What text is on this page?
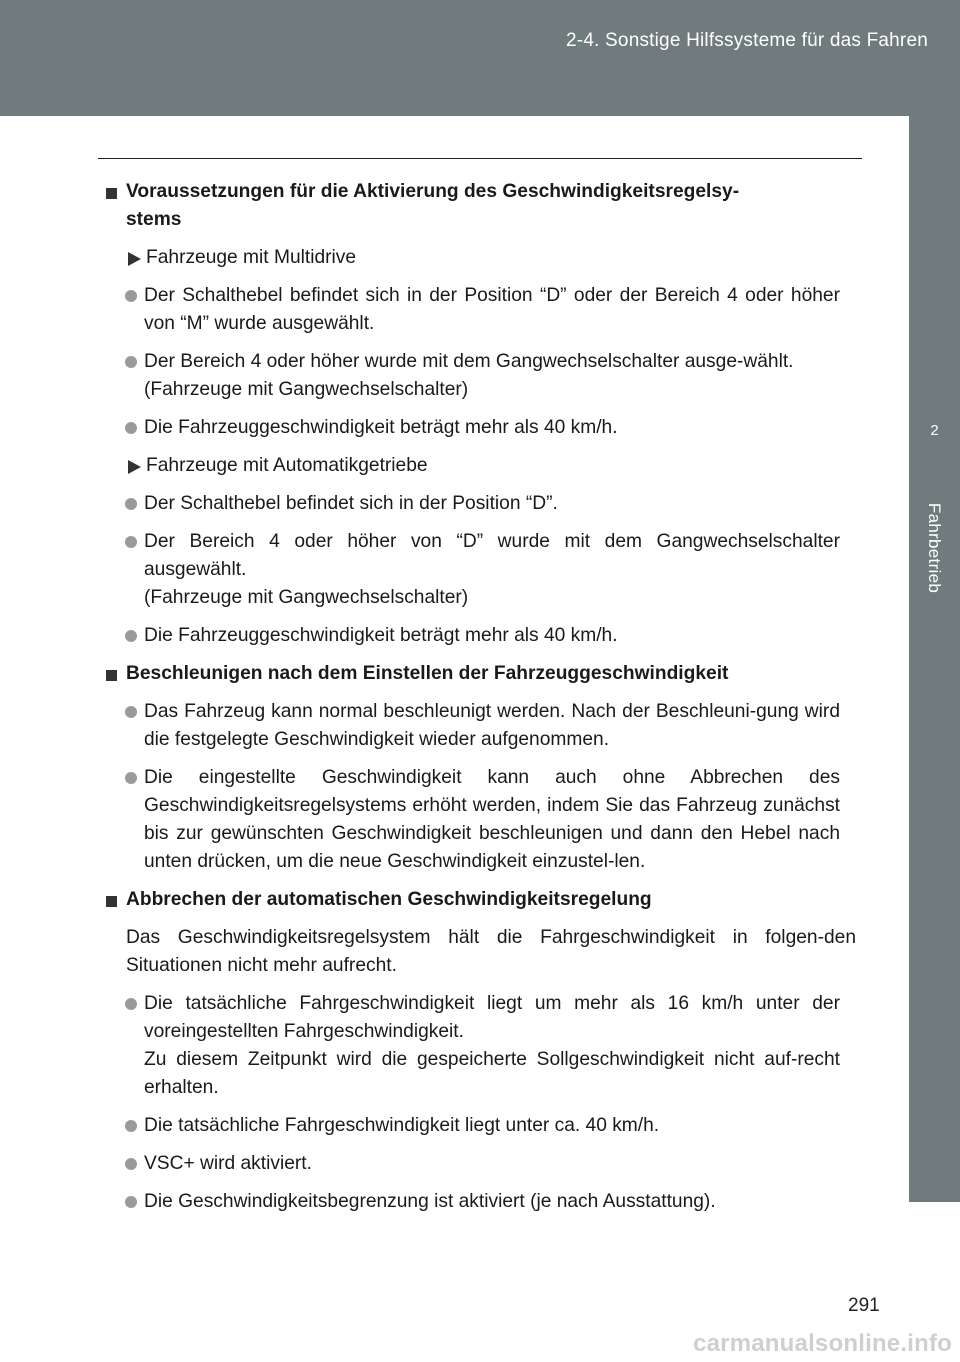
2-4. Sonstige Hilfssysteme für das Fahren
2
Fahrbetrieb
Voraussetzungen für die Aktivierung des Geschwindigkeitsregelsy-
stems
Fahrzeuge mit Multidrive
Der Schalthebel befindet sich in der Position “D” oder der Bereich 4 oder höher von “M” wurde ausgewählt.
Der Bereich 4 oder höher wurde mit dem Gangwechselschalter ausge-wählt.
(Fahrzeuge mit Gangwechselschalter)
Die Fahrzeuggeschwindigkeit beträgt mehr als 40 km/h.
Fahrzeuge mit Automatikgetriebe
Der Schalthebel befindet sich in der Position “D”.
Der Bereich 4 oder höher von “D” wurde mit dem Gangwechselschalter ausgewählt.
(Fahrzeuge mit Gangwechselschalter)
Die Fahrzeuggeschwindigkeit beträgt mehr als 40 km/h.
Beschleunigen nach dem Einstellen der Fahrzeuggeschwindigkeit
Das Fahrzeug kann normal beschleunigt werden. Nach der Beschleuni-gung wird die festgelegte Geschwindigkeit wieder aufgenommen.
Die eingestellte Geschwindigkeit kann auch ohne Abbrechen des Geschwindigkeitsregelsystems erhöht werden, indem Sie das Fahrzeug zunächst bis zur gewünschten Geschwindigkeit beschleunigen und dann den Hebel nach unten drücken, um die neue Geschwindigkeit einzustel-len.
Abbrechen der automatischen Geschwindigkeitsregelung
Das Geschwindigkeitsregelsystem hält die Fahrgeschwindigkeit in folgen-den Situationen nicht mehr aufrecht.
Die tatsächliche Fahrgeschwindigkeit liegt um mehr als 16 km/h unter der voreingestellten Fahrgeschwindigkeit.
Zu diesem Zeitpunkt wird die gespeicherte Sollgeschwindigkeit nicht auf-recht erhalten.
Die tatsächliche Fahrgeschwindigkeit liegt unter ca. 40 km/h.
VSC+ wird aktiviert.
Die Geschwindigkeitsbegrenzung ist aktiviert (je nach Ausstattung).
291
carmanualsonline.info
